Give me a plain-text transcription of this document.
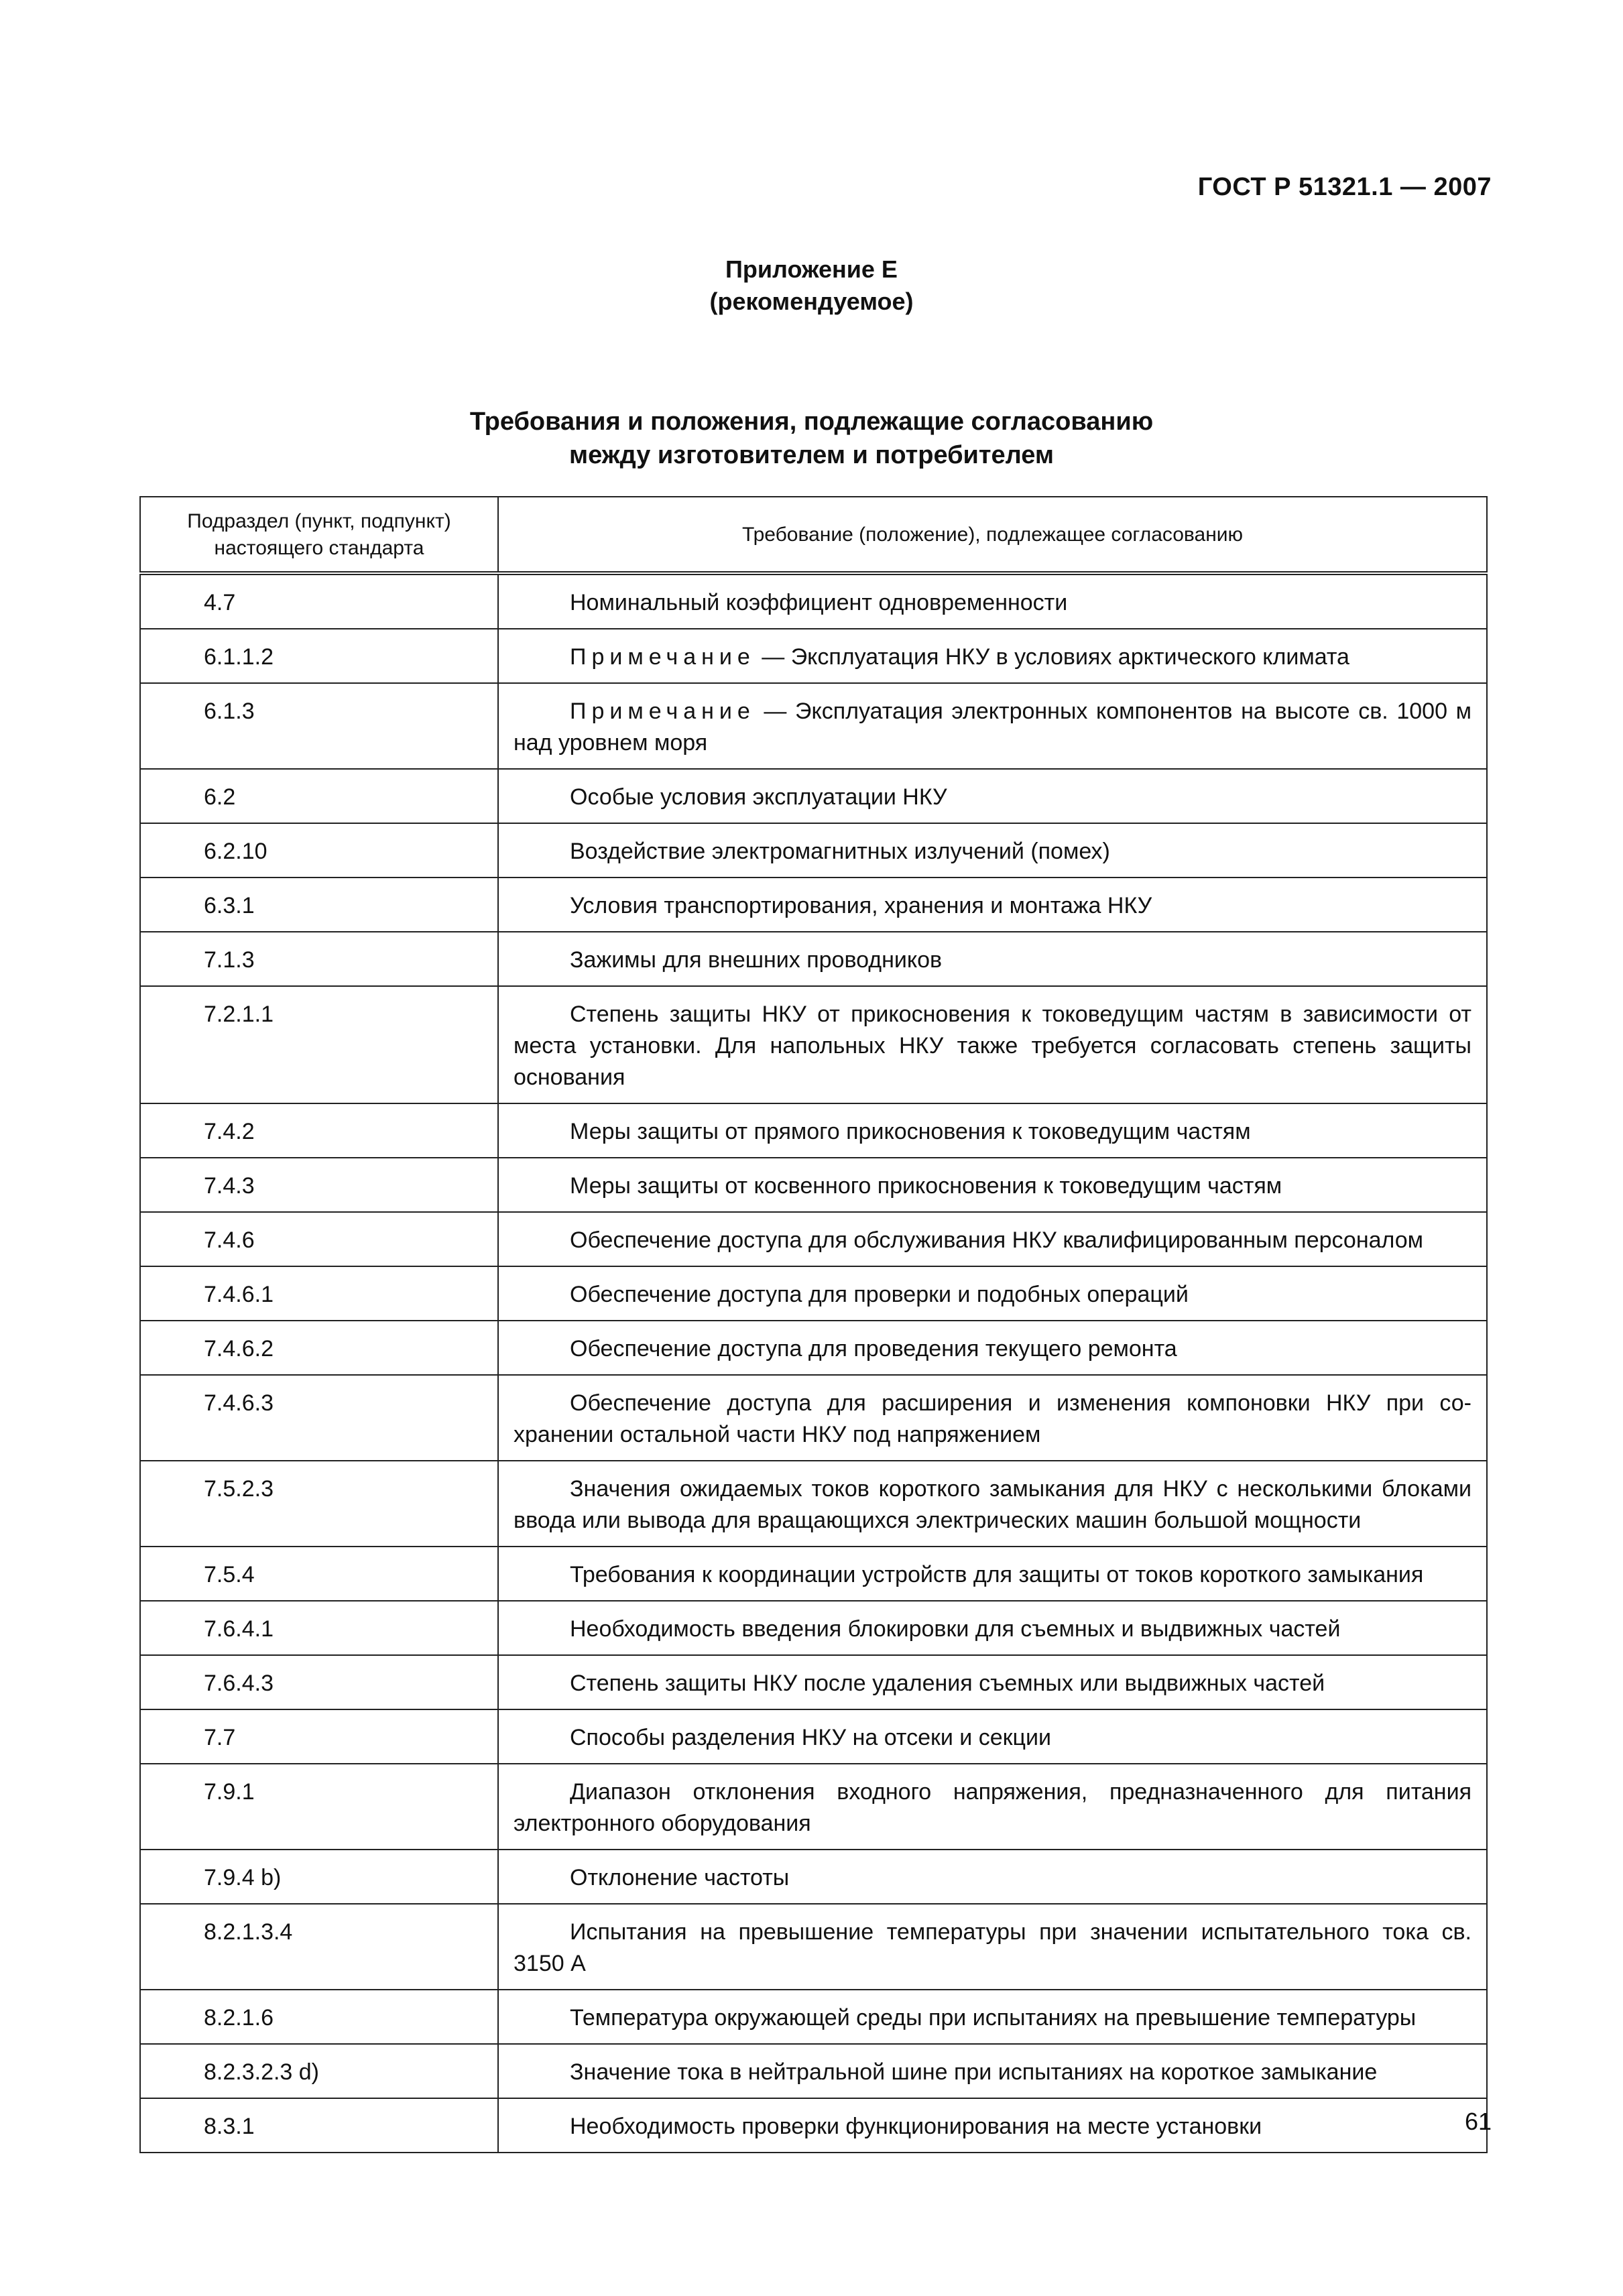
ГОСТ Р 51321.1 — 2007
Приложение Е
(рекомендуемое)
Требования и положения, подлежащие согласованию
между изготовителем и потребителем
Подраздел (пункт, подпункт)
настоящего стандарта	Требование (положение), подлежащее согласованию
4.7	Номинальный коэффициент одновременности
6.1.1.2	Примечание — Эксплуатация НКУ в условиях арктического климата
6.1.3	Примечание — Эксплуатация электронных компонентов на высоте св. 1000 м над уровнем моря
6.2	Особые условия эксплуатации НКУ
6.2.10	Воздействие электромагнитных излучений (помех)
6.3.1	Условия транспортирования, хранения и монтажа НКУ
7.1.3	Зажимы для внешних проводников
7.2.1.1	Степень защиты НКУ от прикосновения к токоведущим частям в зависимости от места установки. Для напольных НКУ также требуется согласовать степень защиты основания
7.4.2	Меры защиты от прямого прикосновения к токоведущим частям
7.4.3	Меры защиты от косвенного прикосновения к токоведущим частям
7.4.6	Обеспечение доступа для обслуживания НКУ квалифицированным персоналом
7.4.6.1	Обеспечение доступа для проверки и подобных операций
7.4.6.2	Обеспечение доступа для проведения текущего ремонта
7.4.6.3	Обеспечение доступа для расширения и изменения компоновки НКУ при сохранении остальной части НКУ под напряжением
7.5.2.3	Значения ожидаемых токов короткого замыкания для НКУ с несколькими блоками ввода или вывода для вращающихся электрических машин большой мощности
7.5.4	Требования к координации устройств для защиты от токов короткого замыкания
7.6.4.1	Необходимость введения блокировки для съемных и выдвижных частей
7.6.4.3	Степень защиты НКУ после удаления съемных или выдвижных частей
7.7	Способы разделения НКУ на отсеки и секции
7.9.1	Диапазон отклонения входного напряжения, предназначенного для питания электронного оборудования
7.9.4 b)	Отклонение частоты
8.2.1.3.4	Испытания на превышение температуры при значении испытательного тока св. 3150 А
8.2.1.6	Температура окружающей среды при испытаниях на превышение температуры
8.2.3.2.3 d)	Значение тока в нейтральной шине при испытаниях на короткое замыкание
8.3.1	Необходимость проверки функционирования на месте установки	61
